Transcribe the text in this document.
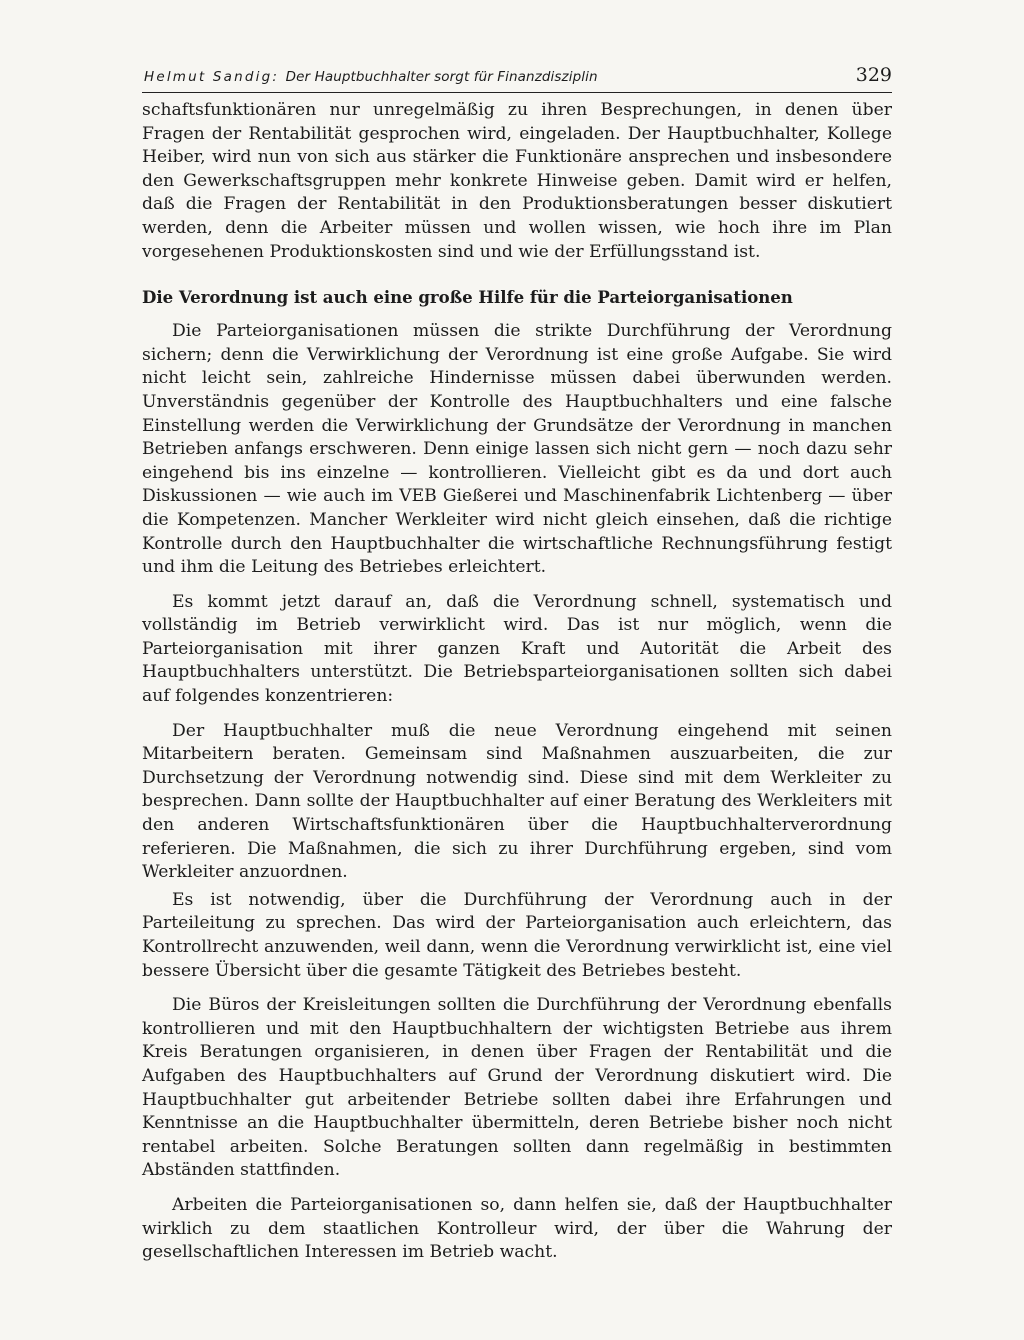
Helmut Sandig: Der Hauptbuchhalter sorgt für Finanzdisziplin	329

schaftsfunktionären nur unregelmäßig zu ihren Besprechungen, in denen über Fragen der Rentabilität gesprochen wird, eingeladen. Der Hauptbuchhalter, Kollege Heiber, wird nun von sich aus stärker die Funktionäre ansprechen und insbesondere den Gewerkschaftsgruppen mehr konkrete Hinweise geben. Damit wird er helfen, daß die Fragen der Rentabilität in den Produktionsberatungen besser diskutiert werden, denn die Arbeiter müssen und wollen wissen, wie hoch ihre im Plan vorgesehenen Produktionskosten sind und wie der Erfüllungsstand ist.

Die Verordnung ist auch eine große Hilfe für die Parteiorganisationen

Die Parteiorganisationen müssen die strikte Durchführung der Verordnung sichern; denn die Verwirklichung der Verordnung ist eine große Aufgabe. Sie wird nicht leicht sein, zahlreiche Hindernisse müssen dabei überwunden werden. Unverständnis gegenüber der Kontrolle des Hauptbuchhalters und eine falsche Einstellung werden die Verwirklichung der Grundsätze der Verordnung in manchen Betrieben anfangs erschweren. Denn einige lassen sich nicht gern — noch dazu sehr eingehend bis ins einzelne — kontrollieren. Vielleicht gibt es da und dort auch Diskussionen — wie auch im VEB Gießerei und Maschinenfabrik Lichtenberg — über die Kompetenzen. Mancher Werkleiter wird nicht gleich einsehen, daß die richtige Kontrolle durch den Hauptbuchhalter die wirtschaftliche Rechnungsführung festigt und ihm die Leitung des Betriebes erleichtert.

Es kommt jetzt darauf an, daß die Verordnung schnell, systematisch und vollständig im Betrieb verwirklicht wird. Das ist nur möglich, wenn die Parteiorganisation mit ihrer ganzen Kraft und Autorität die Arbeit des Hauptbuchhalters unterstützt. Die Betriebsparteiorganisationen sollten sich dabei auf folgendes konzentrieren:

Der Hauptbuchhalter muß die neue Verordnung eingehend mit seinen Mitarbeitern beraten. Gemeinsam sind Maßnahmen auszuarbeiten, die zur Durchsetzung der Verordnung notwendig sind. Diese sind mit dem Werkleiter zu besprechen. Dann sollte der Hauptbuchhalter auf einer Beratung des Werkleiters mit den anderen Wirtschaftsfunktionären über die Hauptbuchhalterverordnung referieren. Die Maßnahmen, die sich zu ihrer Durchführung ergeben, sind vom Werkleiter anzuordnen.

Es ist notwendig, über die Durchführung der Verordnung auch in der Parteileitung zu sprechen. Das wird der Parteiorganisation auch erleichtern, das Kontrollrecht anzuwenden, weil dann, wenn die Verordnung verwirklicht ist, eine viel bessere Übersicht über die gesamte Tätigkeit des Betriebes besteht.

Die Büros der Kreisleitungen sollten die Durchführung der Verordnung ebenfalls kontrollieren und mit den Hauptbuchhaltern der wichtigsten Betriebe aus ihrem Kreis Beratungen organisieren, in denen über Fragen der Rentabilität und die Aufgaben des Hauptbuchhalters auf Grund der Verordnung diskutiert wird. Die Hauptbuchhalter gut arbeitender Betriebe sollten dabei ihre Erfahrungen und Kenntnisse an die Hauptbuchhalter übermitteln, deren Betriebe bisher noch nicht rentabel arbeiten. Solche Beratungen sollten dann regelmäßig in bestimmten Abständen stattfinden.

Arbeiten die Parteiorganisationen so, dann helfen sie, daß der Hauptbuchhalter wirklich zu dem staatlichen Kontrolleur wird, der über die Wahrung der gesellschaftlichen Interessen im Betrieb wacht.
